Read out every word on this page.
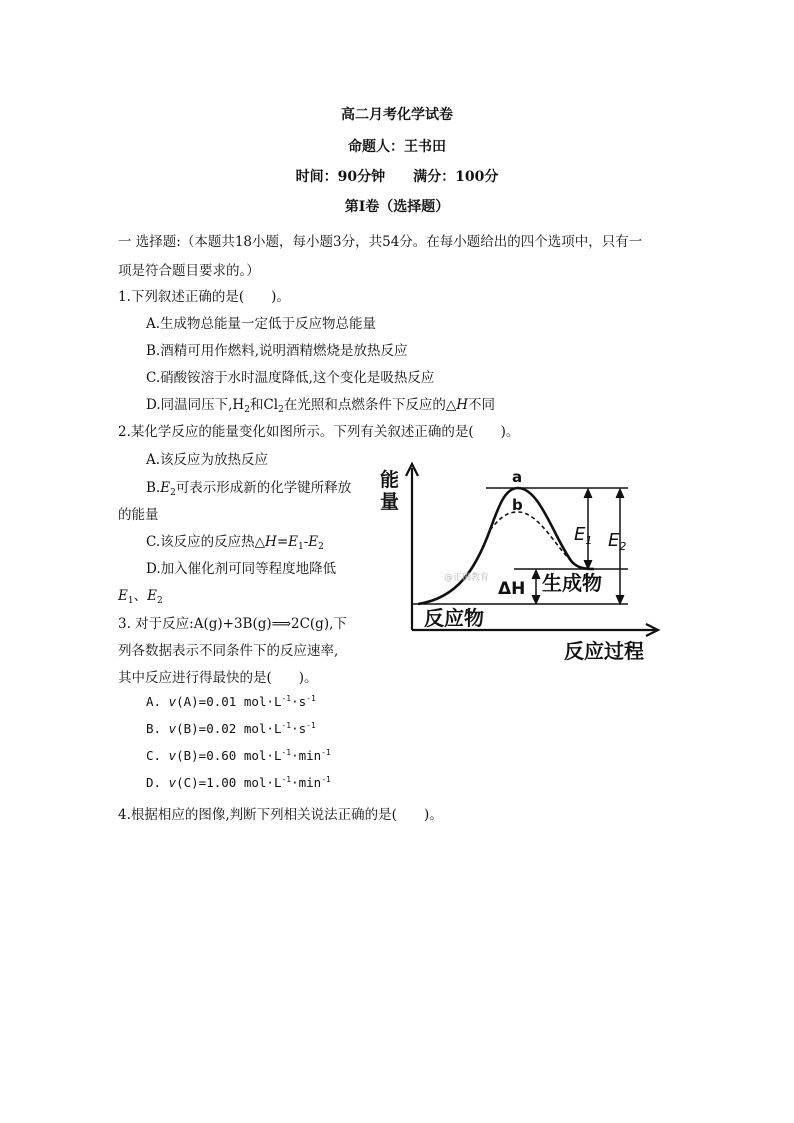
高二月考化学试卷
命题人：王书田
时间：90分钟 满分：100分
第Ⅰ卷（选择题）
一 选择题:（本题共18小题，每小题3分，共54分。在每小题给出的四个选项中，只有一
项是符合题目要求的。）
1.下列叙述正确的是(　　)。
A.生成物总能量一定低于反应物总能量
B.酒精可用作燃料,说明酒精燃烧是放热反应
C.硝酸铵溶于水时温度降低,这个变化是吸热反应
D.同温同压下$,H_2$和$Cl_2$在光照和点燃条件下反应的△H不同
2.某化学反应的能量变化如图所示。下列有关叙述正确的是(　　)。
A.该反应为放热反应
$B.E_2$可表示形成新的化学键所释放
的能量
C.该反应的反应热$\triangle H=E_1-E_2$
D.加入催化剂可同等程度地降低
$E_1$、$E_2$
能
量
a
b
$E_1$ $E_2$
ΔH 生成物
反应物
反应过程
@正确教育
3. 对于反应:A(g)+3B(g)⟹2C(g),下
列各数据表示不同条件下的反应速率,
其中反应进行得最快的是(　　)。
A. v(A)=0.01 $mol\cdot L^{-1}\cdot s^{-1}$
B. v(B)=0.02 $mol\cdot L^{-1}\cdot s^{-1}$
C. v(B)=0.60 $mol\cdot L^{-1}\cdot\min^{-1}$
D. v(C)=1.00 $mol\cdot L^{-1}\cdot\min^{-1}$
4.根据相应的图像,判断下列相关说法正确的是(　　)。
